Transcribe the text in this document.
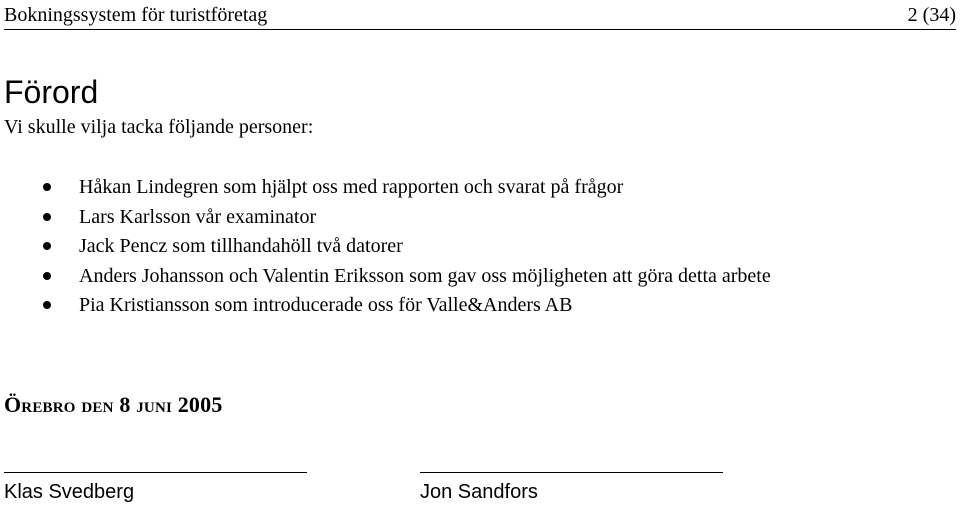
Bokningssystem för turistföretag	2 (34)
Förord
Vi skulle vilja tacka följande personer:
Håkan Lindegren som hjälpt oss med rapporten och svarat på frågor
Lars Karlsson vår examinator
Jack Pencz som tillhandahöll två datorer
Anders Johansson och Valentin Eriksson som gav oss möjligheten att göra detta arbete
Pia Kristiansson som introducerade oss för Valle&Anders AB
Örebro den 8 juni 2005
Klas Svedberg	Jon Sandfors
